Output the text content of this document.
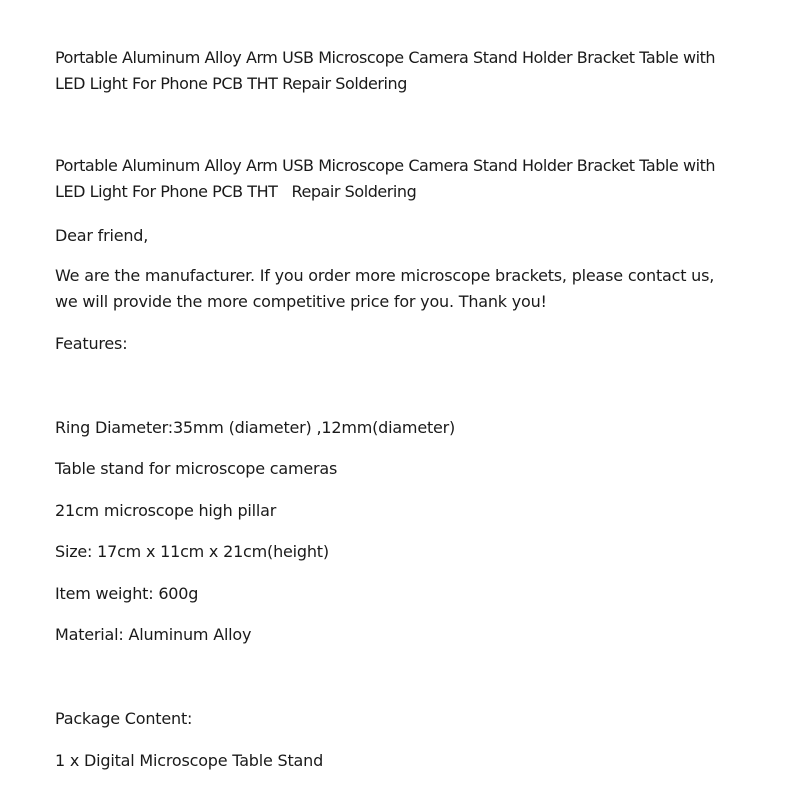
Portable Aluminum Alloy Arm USB Microscope Camera Stand Holder Bracket Table with

LED Light For Phone PCB THT Repair Soldering

Portable Aluminum Alloy Arm USB Microscope Camera Stand Holder Bracket Table with

LED Light For Phone PCB THT Repair Soldering

Dear friend,

We are the manufacturer. If you order more microscope brackets, please contact us,

we will provide the more competitive price for you. Thank you!

Features:

Ring Diameter:35mm (diameter) ,12mm(diameter)

Table stand for microscope cameras

21cm microscope high pillar

Size: 17cm x 11cm x 21cm(height)

Item weight: 600g

Material: Aluminum Alloy

Package Content:

1 x Digital Microscope Table Stand
